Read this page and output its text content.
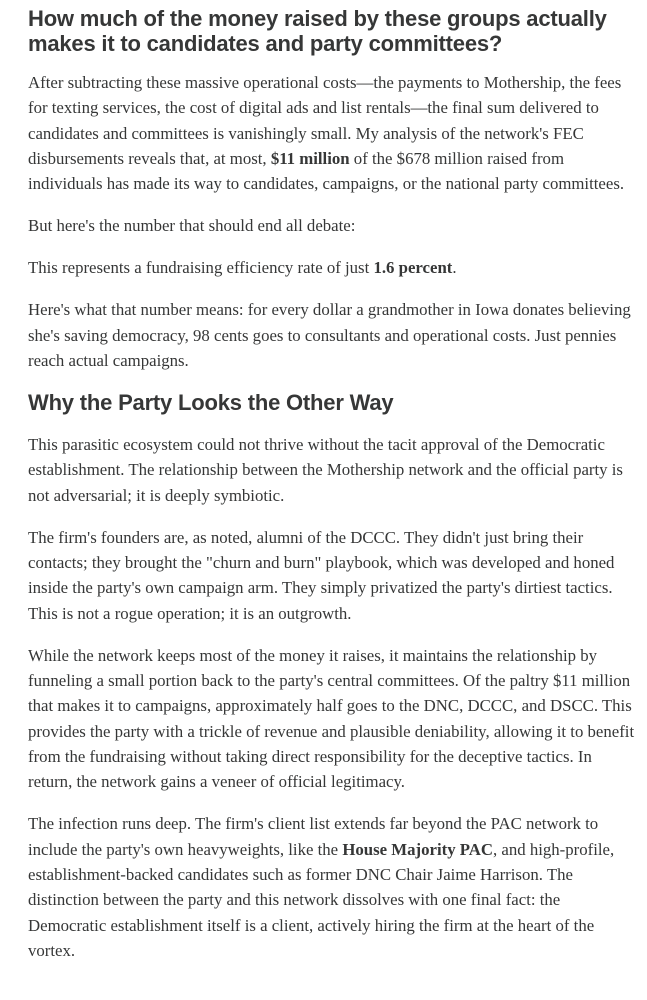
How much of the money raised by these groups actually makes it to candidates and party committees?

After subtracting these massive operational costs—the payments to Mothership, the fees for texting services, the cost of digital ads and list rentals—the final sum delivered to candidates and committees is vanishingly small. My analysis of the network's FEC disbursements reveals that, at most, $11 million of the $678 million raised from individuals has made its way to candidates, campaigns, or the national party committees.

But here's the number that should end all debate:

This represents a fundraising efficiency rate of just 1.6 percent.

Here's what that number means: for every dollar a grandmother in Iowa donates believing she's saving democracy, 98 cents goes to consultants and operational costs. Just pennies reach actual campaigns.

Why the Party Looks the Other Way

This parasitic ecosystem could not thrive without the tacit approval of the Democratic establishment. The relationship between the Mothership network and the official party is not adversarial; it is deeply symbiotic.

The firm's founders are, as noted, alumni of the DCCC. They didn't just bring their contacts; they brought the "churn and burn" playbook, which was developed and honed inside the party's own campaign arm. They simply privatized the party's dirtiest tactics. This is not a rogue operation; it is an outgrowth.

While the network keeps most of the money it raises, it maintains the relationship by funneling a small portion back to the party's central committees. Of the paltry $11 million that makes it to campaigns, approximately half goes to the DNC, DCCC, and DSCC. This provides the party with a trickle of revenue and plausible deniability, allowing it to benefit from the fundraising without taking direct responsibility for the deceptive tactics. In return, the network gains a veneer of official legitimacy.

The infection runs deep. The firm's client list extends far beyond the PAC network to include the party's own heavyweights, like the House Majority PAC, and high-profile, establishment-backed candidates such as former DNC Chair Jaime Harrison. The distinction between the party and this network dissolves with one final fact: the Democratic establishment itself is a client, actively hiring the firm at the heart of the vortex.
